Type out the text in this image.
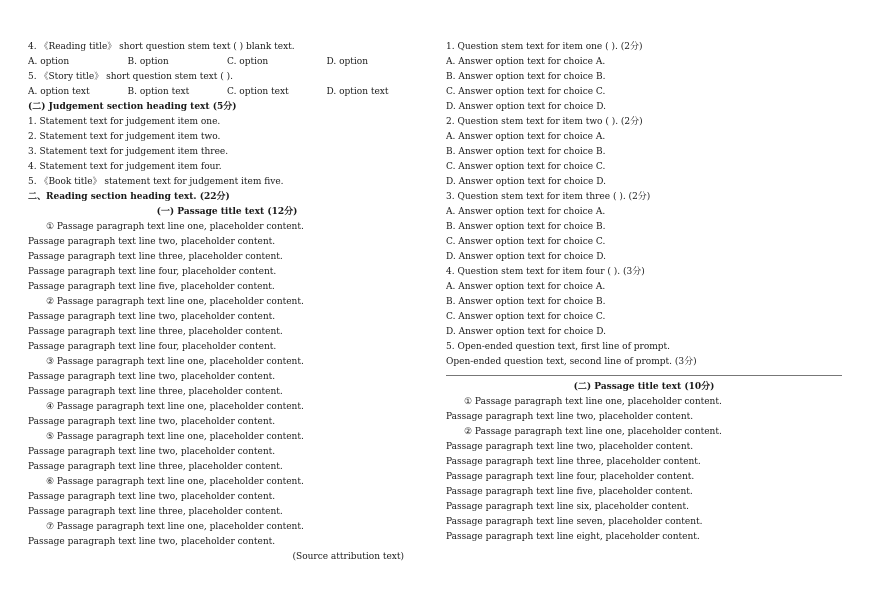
4. 《Reading title》 short question stem text ( ) blank text.
A. option	B. option	C. option	D. option
5. 《Story title》 short question stem text ( ).
A. option text	B. option text	C. option text	D. option text
(二) Judgement section heading text (5分)
1. Statement text for judgement item one.
2. Statement text for judgement item two.
3. Statement text for judgement item three.
4. Statement text for judgement item four.
5. 《Book title》 statement text for judgement item five.
二、Reading section heading text. (22分)
(一) Passage title text (12分)
① Passage paragraph text line one, placeholder content.
Passage paragraph text line two, placeholder content.
Passage paragraph text line three, placeholder content.
Passage paragraph text line four, placeholder content.
Passage paragraph text line five, placeholder content.
② Passage paragraph text line one, placeholder content.
Passage paragraph text line two, placeholder content.
Passage paragraph text line three, placeholder content.
Passage paragraph text line four, placeholder content.
③ Passage paragraph text line one, placeholder content.
Passage paragraph text line two, placeholder content.
Passage paragraph text line three, placeholder content.
④ Passage paragraph text line one, placeholder content.
Passage paragraph text line two, placeholder content.
⑤ Passage paragraph text line one, placeholder content.
Passage paragraph text line two, placeholder content.
Passage paragraph text line three, placeholder content.
⑥ Passage paragraph text line one, placeholder content.
Passage paragraph text line two, placeholder content.
Passage paragraph text line three, placeholder content.
⑦ Passage paragraph text line one, placeholder content.
Passage paragraph text line two, placeholder content.
(Source attribution text)
1. Question stem text for item one ( ). (2分)
A. Answer option text for choice A.
B. Answer option text for choice B.
C. Answer option text for choice C.
D. Answer option text for choice D.
2. Question stem text for item two ( ). (2分)
A. Answer option text for choice A.
B. Answer option text for choice B.
C. Answer option text for choice C.
D. Answer option text for choice D.
3. Question stem text for item three ( ). (2分)
A. Answer option text for choice A.
B. Answer option text for choice B.
C. Answer option text for choice C.
D. Answer option text for choice D.
4. Question stem text for item four ( ). (3分)
A. Answer option text for choice A.
B. Answer option text for choice B.
C. Answer option text for choice C.
D. Answer option text for choice D.
5. Open-ended question text, first line of prompt.
Open-ended question text, second line of prompt. (3分)
(二) Passage title text (10分)
① Passage paragraph text line one, placeholder content.
Passage paragraph text line two, placeholder content.
② Passage paragraph text line one, placeholder content.
Passage paragraph text line two, placeholder content.
Passage paragraph text line three, placeholder content.
Passage paragraph text line four, placeholder content.
Passage paragraph text line five, placeholder content.
Passage paragraph text line six, placeholder content.
Passage paragraph text line seven, placeholder content.
Passage paragraph text line eight, placeholder content.
